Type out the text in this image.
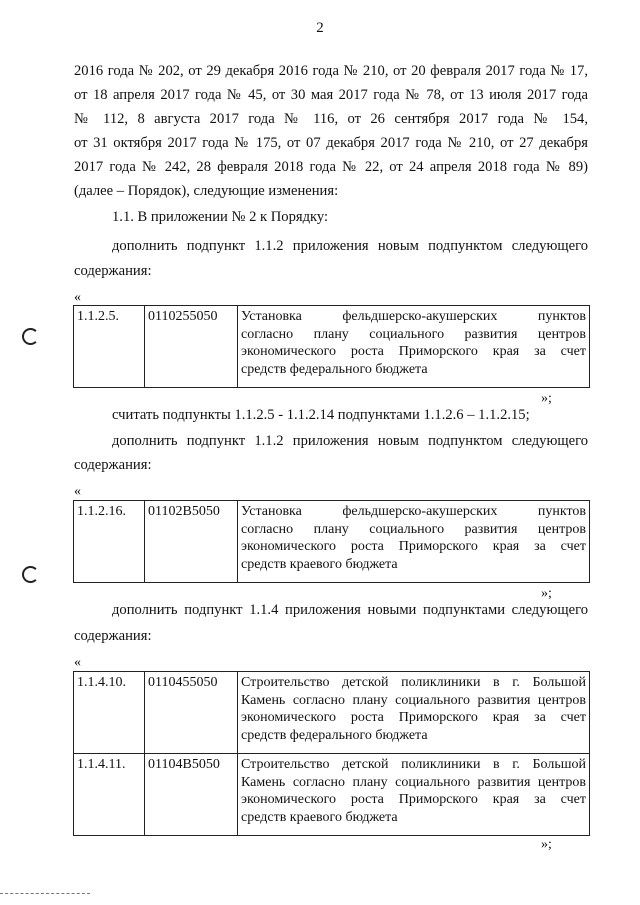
2
2016 года № 202, от 29 декабря 2016 года № 210, от 20 февраля 2017 года № 17,
от 18 апреля 2017 года № 45, от 30 мая 2017 года № 78, от 13 июля 2017 года
№ 112, 8 августа 2017 года № 116, от 26 сентября 2017 года № 154,
от 31 октября 2017 года № 175, от 07 декабря 2017 года № 210, от 27 декабря
2017 года № 242, 28 февраля 2018 года № 22, от 24 апреля 2018 года № 89)
(далее – Порядок), следующие изменения:
1.1. В приложении № 2 к Порядку:
дополнить подпункт 1.1.2 приложения новым подпунктом следующего
содержания:
«
1.1.2.5.	0110255050	Установка фельдшерско-акушерских пунктов
согласно плану социального развития центров
экономического роста Приморского края за счет
средств федерального бюджета
»;
считать подпункты 1.1.2.5 - 1.1.2.14 подпунктами 1.1.2.6 – 1.1.2.15;
дополнить подпункт 1.1.2 приложения новым подпунктом следующего
содержания:
«
1.1.2.16.	01102B5050	Установка фельдшерско-акушерских пунктов
согласно плану социального развития центров
экономического роста Приморского края за счет
средств краевого бюджета
»;
дополнить подпункт 1.1.4 приложения новыми подпунктами следующего
содержания:
«
1.1.4.10.	0110455050	Строительство детской поликлиники в г. Большой
Камень согласно плану социального развития центров
экономического роста Приморского края за счет
средств федерального бюджета

1.1.4.11.	01104B5050	Строительство детской поликлиники в г. Большой
Камень согласно плану социального развития центров
экономического роста Приморского края за счет
средств краевого бюджета
»;
